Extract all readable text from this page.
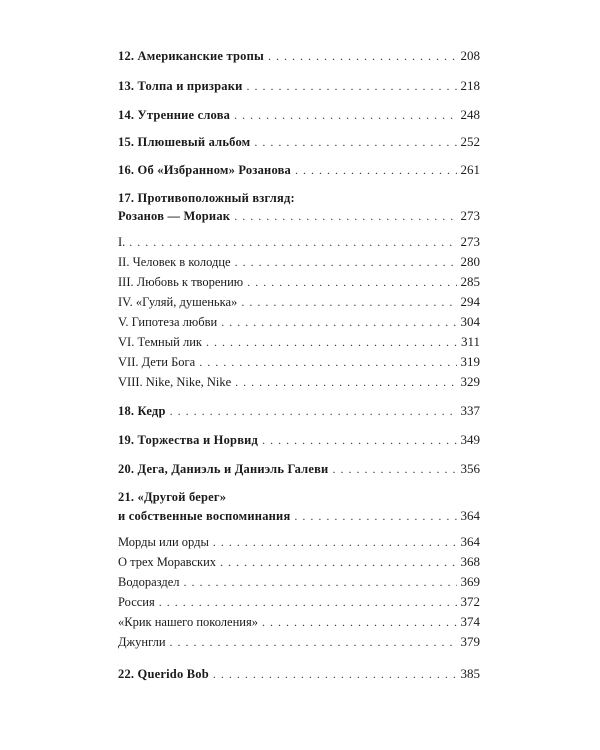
12. Американские тропы . . .	208
13. Толпа и призраки . . .	218
14. Утренние слова . . .	248
15. Плюшевый альбом . . .	252
16. Об «Избранном» Розанова . . .	261
17. Противоположный взгляд:
Розанов — Мориак . . .	273
I. . . .	273
II. Человек в колодце . . .	280
III. Любовь к творению . . .	285
IV. «Гуляй, душенька» . . .	294
V. Гипотеза любви . . .	304
VI. Темный лик . . .	311
VII. Дети Бога . . .	319
VIII. Nike, Nike, Nike . . .	329
18. Кедр . . .	337
19. Торжества и Норвид . . .	349
20. Дега, Даниэль и Даниэль Галеви . . .	356
21. «Другой берег»
и собственные воспоминания . . .	364
Морды или орды . . .	364
О трех Моравских . . .	368
Водораздел . . .	369
Россия . . .	372
«Крик нашего поколения» . . .	374
Джунгли . . .	379
22. Querido Bob . . .	385
